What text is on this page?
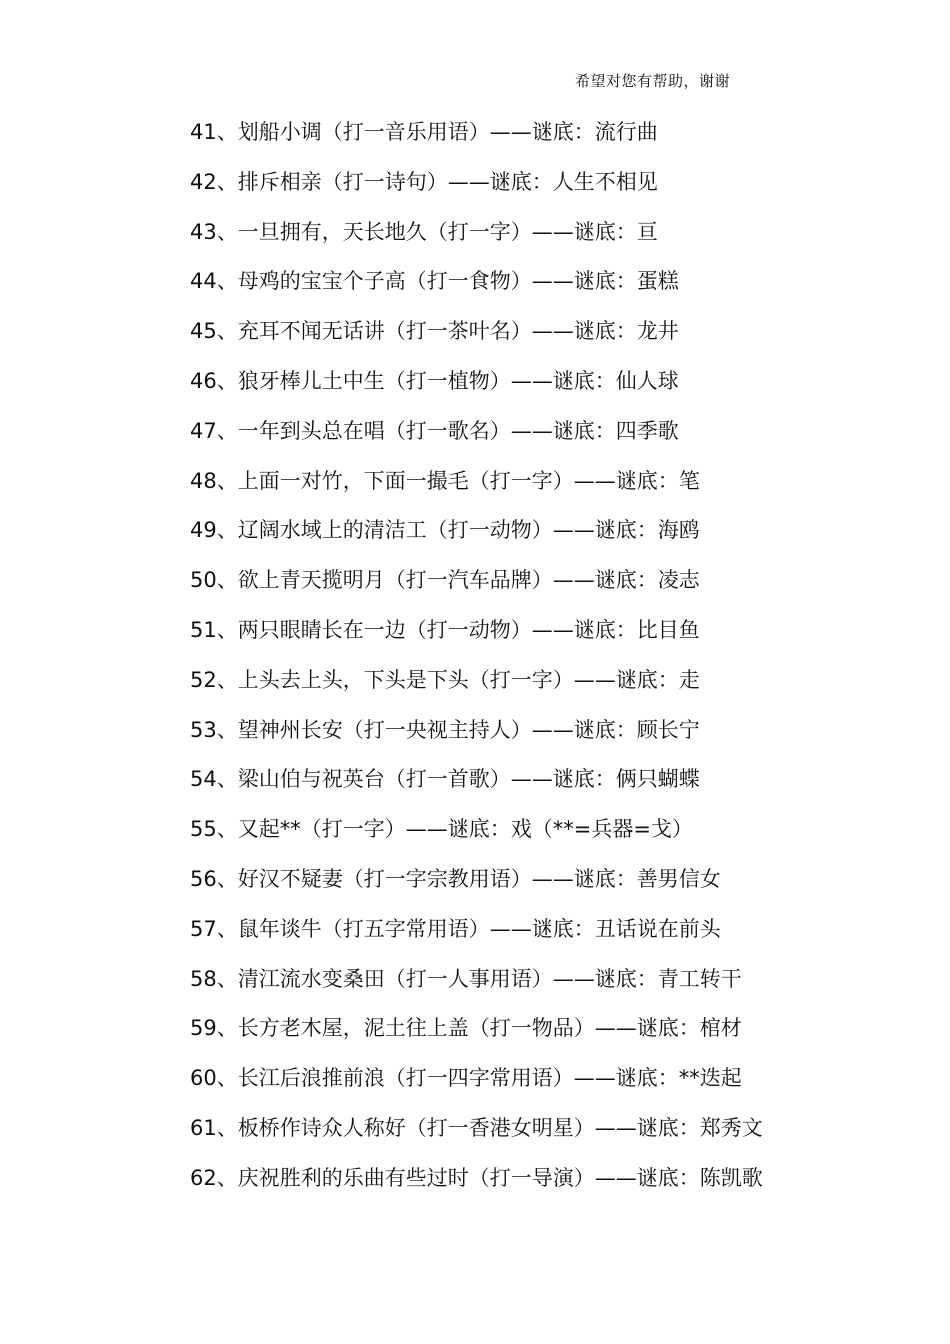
希望对您有帮助，谢谢
41、划船小调（打一音乐用语）——谜底：流行曲
42、排斥相亲（打一诗句）——谜底：人生不相见
43、一旦拥有，天长地久（打一字）——谜底：亘
44、母鸡的宝宝个子高（打一食物）——谜底：蛋糕
45、充耳不闻无话讲（打一茶叶名）——谜底：龙井
46、狼牙棒儿土中生（打一植物）——谜底：仙人球
47、一年到头总在唱（打一歌名）——谜底：四季歌
48、上面一对竹，下面一撮毛（打一字）——谜底：笔
49、辽阔水域上的清洁工（打一动物）——谜底：海鸥
50、欲上青天揽明月（打一汽车品牌）——谜底：凌志
51、两只眼睛长在一边（打一动物）——谜底：比目鱼
52、上头去上头，下头是下头（打一字）——谜底：走
53、望神州长安（打一央视主持人）——谜底：顾长宁
54、梁山伯与祝英台（打一首歌）——谜底：俩只蝴蝶
55、又起**（打一字）——谜底：戏（**=兵器=戈）
56、好汉不疑妻（打一字宗教用语）——谜底：善男信女
57、鼠年谈牛（打五字常用语）——谜底：丑话说在前头
58、清江流水变桑田（打一人事用语）——谜底：青工转干
59、长方老木屋，泥土往上盖（打一物品）——谜底：棺材
60、长江后浪推前浪（打一四字常用语）——谜底：**迭起
61、板桥作诗众人称好（打一香港女明星）——谜底：郑秀文
62、庆祝胜利的乐曲有些过时（打一导演）——谜底：陈凯歌
